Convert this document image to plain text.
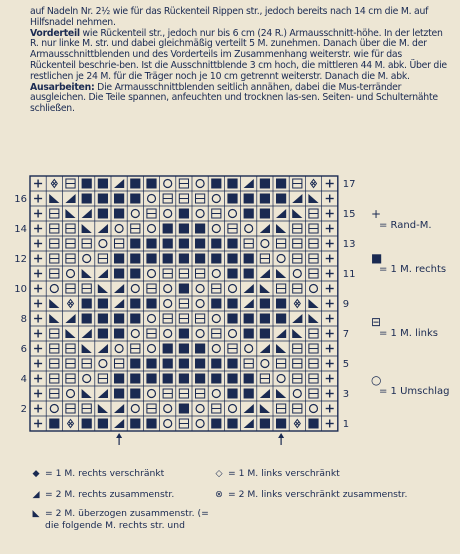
auf Nadeln Nr. 2½ wie für das Rückenteil Rippen str., jedoch bereits nach 14 cm die M. auf Hilfsnadel nehmen.

Vorderteil wie Rückenteil str., jedoch nur bis 6 cm (24 R.) Armausschnitt-höhe. In der letzten R. nur linke M. str. und dabei gleichmäßig verteilt 5 M. zunehmen. Danach über die M. der Armausschnittblenden und des Vorderteils im Zusammenhang weiterstr. wie für das Rückenteil beschrie-ben. Ist die Ausschnittblende 3 cm hoch, die mittleren 44 M. abk. Über die restlichen je 24 M. für die Träger noch je 10 cm getrennt weiterstr. Danach die M. abk.

Ausarbeiten: Die Armausschnittblenden seitlich annähen, dabei die Mus-terränder ausgleichen. Die Teile spannen, anfeuchten und trocknen las-sen. Seiten- und Schulternähte schließen.

16
14
12
10
8
6
4
2
17
15
13
11
9
7
5
3
1
+
= Rand-M.
■
= 1 M. rechts
⊟
= 1 M. links
○
= 1 Umschlag
◆ = 1 M. rechts verschränkt	◇ = 1 M. links verschränkt
◢ = 2 M. rechts zusammenstr.	⊗ = 2 M. links verschränkt zusammenstr.
◣ = 2 M. überzogen zusammenstr. (=
die folgende M. rechts str. und
